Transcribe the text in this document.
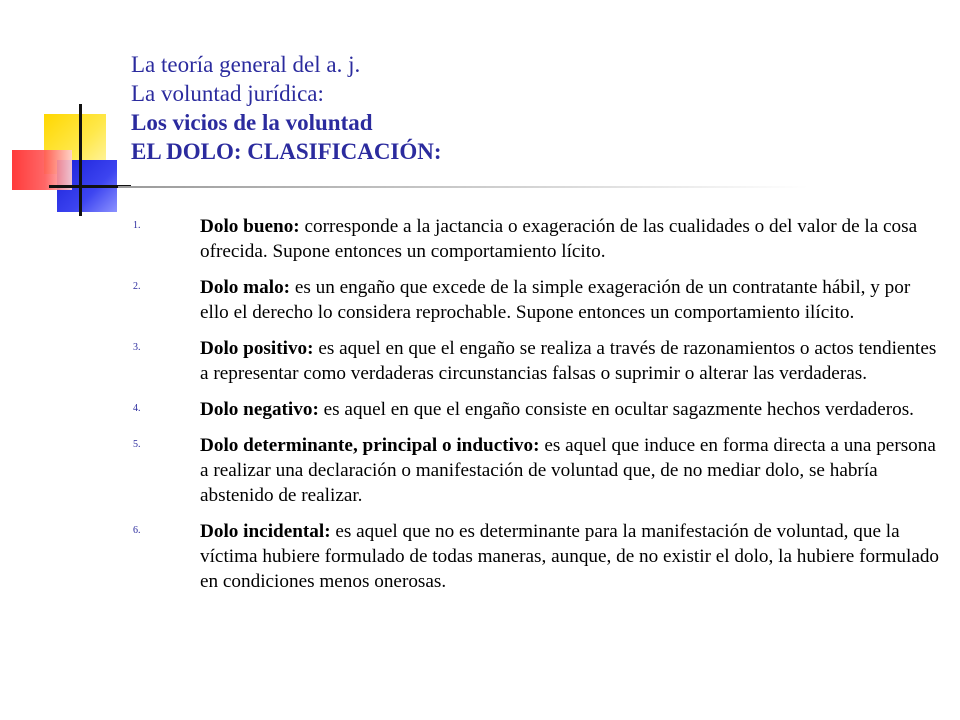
La teoría general del a. j.
La voluntad jurídica:
Los vicios de la voluntad
EL DOLO: CLASIFICACIÓN:
1.	Dolo bueno: corresponde a la jactancia o exageración de las cualidades o del valor de la cosa ofrecida. Supone entonces un comportamiento lícito.
2.	Dolo malo: es un engaño que excede de la simple exageración de un contratante hábil, y por ello el derecho lo considera reprochable. Supone entonces un comportamiento ilícito.
3.	Dolo positivo: es aquel en que el engaño se realiza a través de razonamientos o actos tendientes a representar como verdaderas circunstancias falsas o suprimir o alterar las verdaderas.
4.	Dolo negativo: es aquel en que el engaño consiste en ocultar sagazmente hechos verdaderos.
5.	Dolo determinante, principal o inductivo: es aquel que induce en forma directa a una persona a realizar una declaración o manifestación de voluntad que, de no mediar dolo, se habría abstenido de realizar.
6.	Dolo incidental: es aquel que no es determinante para la manifestación de voluntad, que la víctima hubiere formulado de todas maneras, aunque, de no existir el dolo, la hubiere formulado en condiciones menos onerosas.
